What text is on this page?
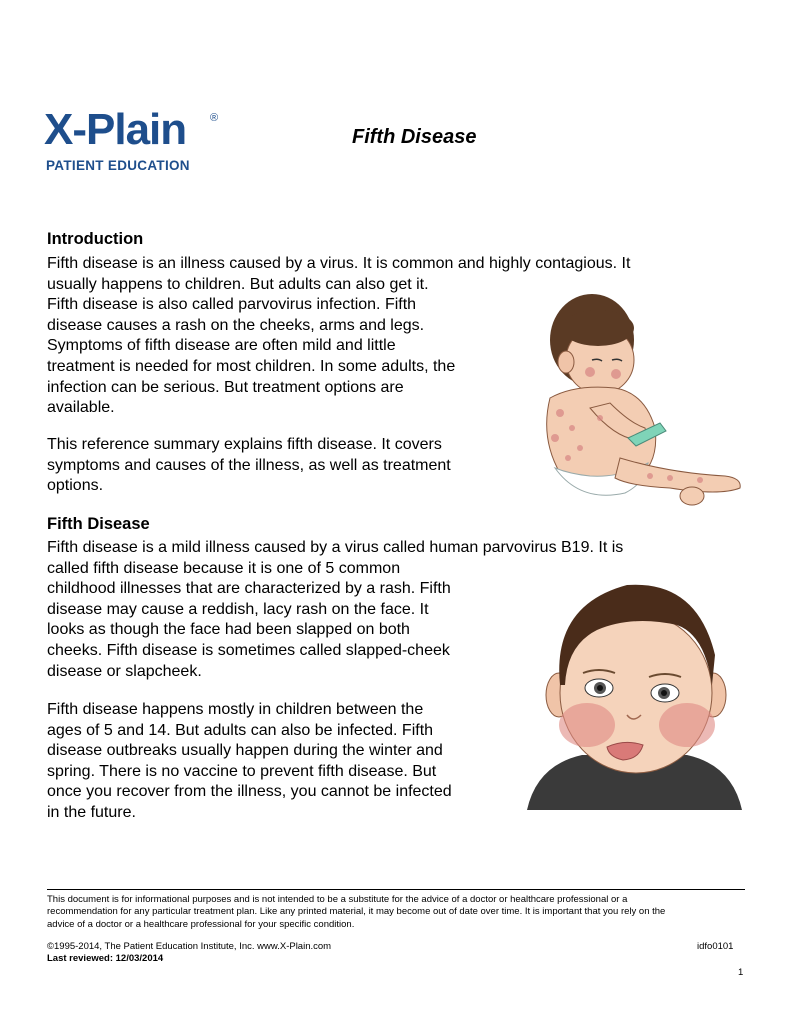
X-Plain ®
PATIENT EDUCATION
Fifth Disease
Introduction

Fifth disease is an illness caused by a virus. It is common and highly contagious. It

usually happens to children. But adults can also get it.

Fifth disease is also called parvovirus infection. Fifth

disease causes a rash on the cheeks, arms and legs.

Symptoms of fifth disease are often mild and little

treatment is needed for most children. In some adults, the

infection can be serious. But treatment options are

available.

This reference summary explains fifth disease. It covers

symptoms and causes of the illness, as well as treatment

options.

Fifth Disease

Fifth disease is a mild illness caused by a virus called human parvovirus B19. It is

called fifth disease because it is one of 5 common

childhood illnesses that are characterized by a rash. Fifth

disease may cause a reddish, lacy rash on the face. It

looks as though the face had been slapped on both

cheeks. Fifth disease is sometimes called slapped-cheek

disease or slapcheek.

Fifth disease happens mostly in children between the

ages of 5 and 14. But adults can also be infected. Fifth

disease outbreaks usually happen during the winter and

spring. There is no vaccine to prevent fifth disease. But

once you recover from the illness, you cannot be infected

in the future.

This document is for informational purposes and is not intended to be a substitute for the advice of a doctor or healthcare professional or a
recommendation for any particular treatment plan. Like any printed material, it may become out of date over time. It is important that you rely on the
advice of a doctor or a healthcare professional for your specific condition.
©1995-2014, The Patient Education Institute, Inc. www.X-Plain.com
Last reviewed: 12/03/2014
idfo0101
1
